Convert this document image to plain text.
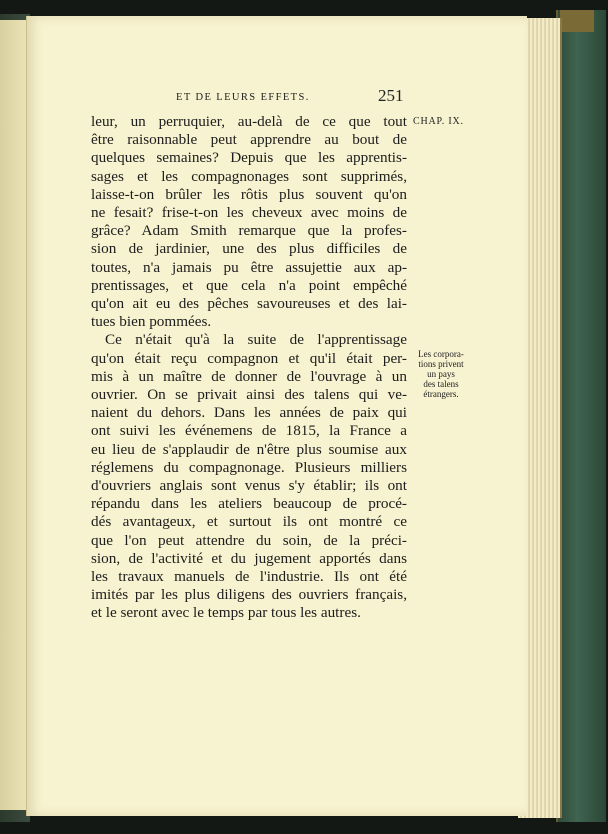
ET DE LEURS EFFETS.	251
CHAP. IX.
Les corpora-
tions privent
un pays
des talens
étrangers.
leur, un perruquier, au-delà de ce que tout
être raisonnable peut apprendre au bout de
quelques semaines? Depuis que les apprentis-
sages et les compagnonages sont supprimés,
laisse-t-on brûler les rôtis plus souvent qu'on
ne fesait? frise-t-on les cheveux avec moins de
grâce? Adam Smith remarque que la profes-
sion de jardinier, une des plus difficiles de
toutes, n'a jamais pu être assujettie aux ap-
prentissages, et que cela n'a point empêché
qu'on ait eu des pêches savoureuses et des lai-
tues bien pommées.
Ce n'était qu'à la suite de l'apprentissage
qu'on était reçu compagnon et qu'il était per-
mis à un maître de donner de l'ouvrage à un
ouvrier. On se privait ainsi des talens qui ve-
naient du dehors. Dans les années de paix qui
ont suivi les événemens de 1815, la France a
eu lieu de s'applaudir de n'être plus soumise aux
réglemens du compagnonage. Plusieurs milliers
d'ouvriers anglais sont venus s'y établir; ils ont
répandu dans les ateliers beaucoup de procé-
dés avantageux, et surtout ils ont montré ce
que l'on peut attendre du soin, de la préci-
sion, de l'activité et du jugement apportés dans
les travaux manuels de l'industrie. Ils ont été
imités par les plus diligens des ouvriers français,
et le seront avec le temps par tous les autres.
